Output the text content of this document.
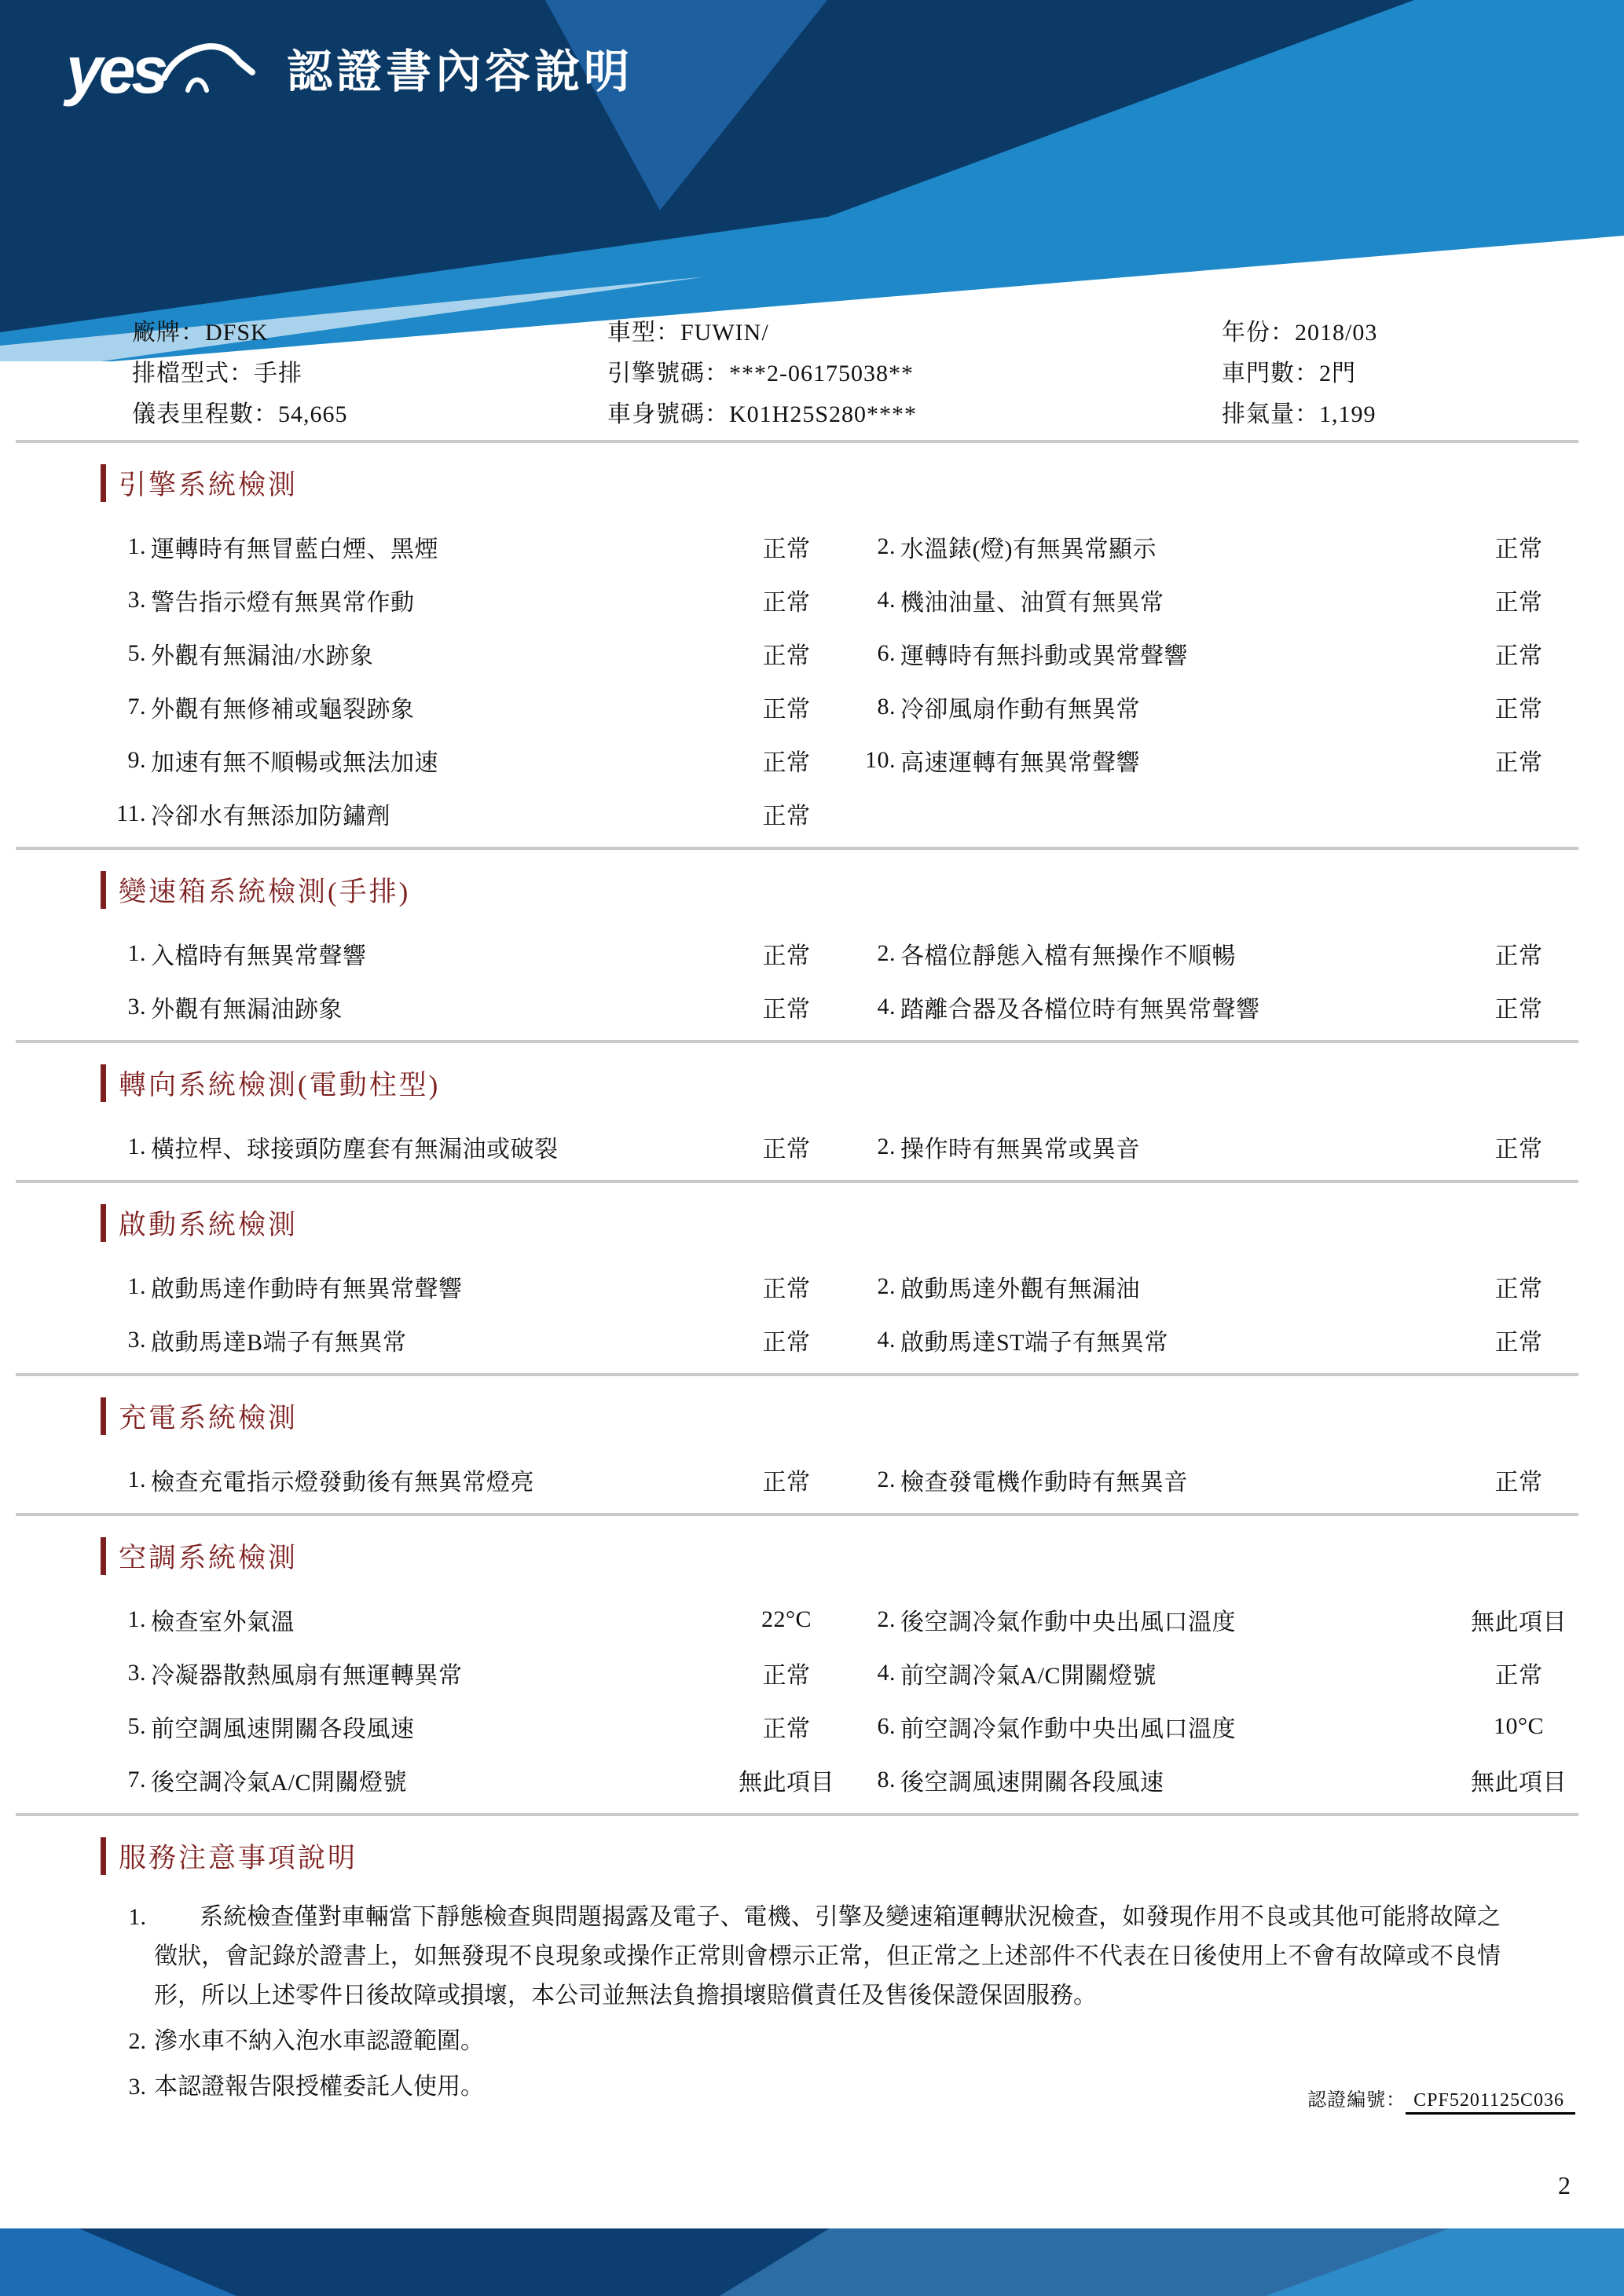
yes	認證書內容說明
廠牌：DFSK	車型：FUWIN/	年份：2018/03
排檔型式：手排	引擎號碼：***2-06175038**	車門數：2門
儀表里程數：54,665	車身號碼：K01H25S280****	排氣量：1,199
引擎系統檢測
1. 運轉時有無冒藍白煙、黑煙	正常	2. 水溫錶(燈)有無異常顯示	正常
3. 警告指示燈有無異常作動	正常	4. 機油油量、油質有無異常	正常
5. 外觀有無漏油/水跡象	正常	6. 運轉時有無抖動或異常聲響	正常
7. 外觀有無修補或龜裂跡象	正常	8. 冷卻風扇作動有無異常	正常
9. 加速有無不順暢或無法加速	正常	10. 高速運轉有無異常聲響	正常
11. 冷卻水有無添加防鏽劑	正常
變速箱系統檢測(手排)
1. 入檔時有無異常聲響	正常	2. 各檔位靜態入檔有無操作不順暢	正常
3. 外觀有無漏油跡象	正常	4. 踏離合器及各檔位時有無異常聲響	正常
轉向系統檢測(電動柱型)
1. 橫拉桿、球接頭防塵套有無漏油或破裂	正常	2. 操作時有無異常或異音	正常
啟動系統檢測
1. 啟動馬達作動時有無異常聲響	正常	2. 啟動馬達外觀有無漏油	正常
3. 啟動馬達B端子有無異常	正常	4. 啟動馬達ST端子有無異常	正常
充電系統檢測
1. 檢查充電指示燈發動後有無異常燈亮	正常	2. 檢查發電機作動時有無異音	正常
空調系統檢測
1. 檢查室外氣溫	22°C	2. 後空調冷氣作動中央出風口溫度	無此項目
3. 冷凝器散熱風扇有無運轉異常	正常	4. 前空調冷氣A/C開關燈號	正常
5. 前空調風速開關各段風速	正常	6. 前空調冷氣作動中央出風口溫度	10°C
7. 後空調冷氣A/C開關燈號	無此項目	8. 後空調風速開關各段風速	無此項目
服務注意事項說明
1.	系統檢查僅對車輛當下靜態檢查與問題揭露及電子、電機、引擎及變速箱運轉狀況檢查，如發現作用不良或其他可能將故障之徵狀，會記錄於證書上，如無發現不良現象或操作正常則會標示正常，但正常之上述部件不代表在日後使用上不會有故障或不良情形，所以上述零件日後故障或損壞，本公司並無法負擔損壞賠償責任及售後保證保固服務。
2. 滲水車不納入泡水車認證範圍。
3. 本認證報告限授權委託人使用。
認證編號： CPF5201125C036
2
